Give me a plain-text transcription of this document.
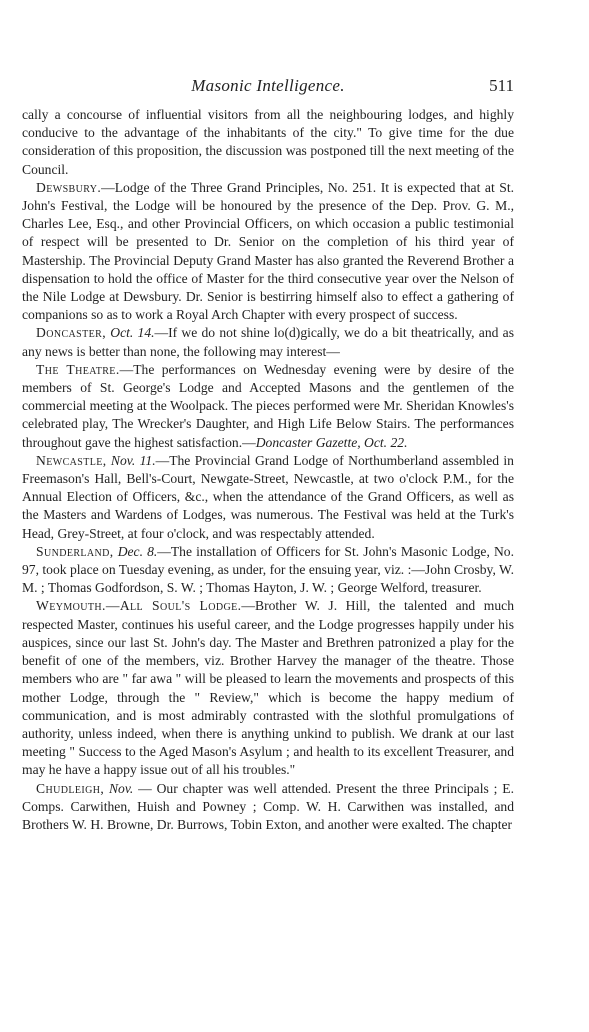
Masonic Intelligence.	511

cally a concourse of influential visitors from all the neighbouring lodges, and highly conducive to the advantage of the inhabitants of the city." To give time for the due consideration of this proposition, the discussion was postponed till the next meeting of the Council.

Dewsbury.—Lodge of the Three Grand Principles, No. 251. It is expected that at St. John's Festival, the Lodge will be honoured by the presence of the Dep. Prov. G. M., Charles Lee, Esq., and other Provincial Officers, on which occasion a public testimonial of respect will be presented to Dr. Senior on the completion of his third year of Mastership. The Provincial Deputy Grand Master has also granted the Reverend Brother a dispensation to hold the office of Master for the third consecutive year over the Nelson of the Nile Lodge at Dewsbury. Dr. Senior is bestirring himself also to effect a gathering of companions so as to work a Royal Arch Chapter with every prospect of success.

Doncaster, Oct. 14.—If we do not shine lo(d)gically, we do a bit theatrically, and as any news is better than none, the following may interest—

The Theatre.—The performances on Wednesday evening were by desire of the members of St. George's Lodge and Accepted Masons and the gentlemen of the commercial meeting at the Woolpack. The pieces performed were Mr. Sheridan Knowles's celebrated play, The Wrecker's Daughter, and High Life Below Stairs. The performances throughout gave the highest satisfaction.—Doncaster Gazette, Oct. 22.

Newcastle, Nov. 11.—The Provincial Grand Lodge of Northumberland assembled in Freemason's Hall, Bell's-Court, Newgate-Street, Newcastle, at two o'clock P.M., for the Annual Election of Officers, &c., when the attendance of the Grand Officers, as well as the Masters and Wardens of Lodges, was numerous. The Festival was held at the Turk's Head, Grey-Street, at four o'clock, and was respectably attended.

Sunderland, Dec. 8.—The installation of Officers for St. John's Masonic Lodge, No. 97, took place on Tuesday evening, as under, for the ensuing year, viz. :—John Crosby, W. M. ; Thomas Godfordson, S. W. ; Thomas Hayton, J. W. ; George Welford, treasurer.

Weymouth.—All Soul's Lodge.—Brother W. J. Hill, the talented and much respected Master, continues his useful career, and the Lodge progresses happily under his auspices, since our last St. John's day. The Master and Brethren patronized a play for the benefit of one of the members, viz. Brother Harvey the manager of the theatre. Those members who are " far awa " will be pleased to learn the movements and prospects of this mother Lodge, through the " Review," which is become the happy medium of communication, and is most admirably contrasted with the slothful promulgations of authority, unless indeed, when there is anything unkind to publish. We drank at our last meeting " Success to the Aged Mason's Asylum ; and health to its excellent Treasurer, and may he have a happy issue out of all his troubles."

Chudleigh, Nov. — Our chapter was well attended. Present the three Principals ; E. Comps. Carwithen, Huish and Powney ; Comp. W. H. Carwithen was installed, and Brothers W. H. Browne, Dr. Burrows, Tobin Exton, and another were exalted. The chapter
